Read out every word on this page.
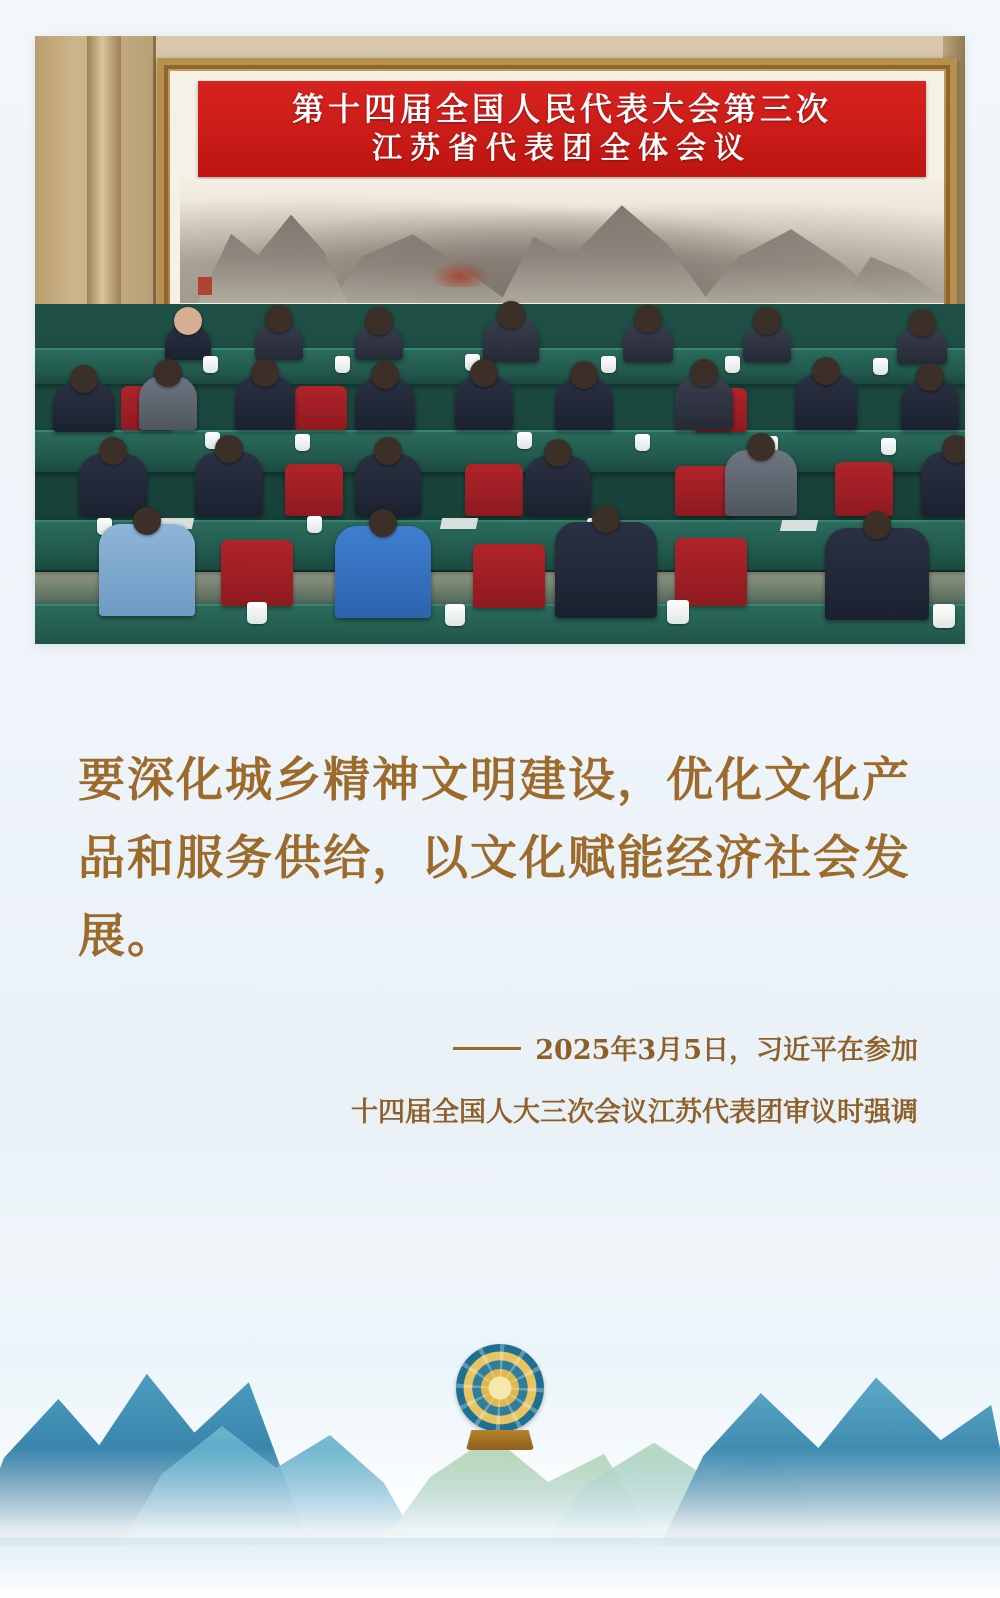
第十四届全国人民代表大会第三次
江苏省代表团全体会议
要深化城乡精神文明建设，优化文化产品和服务供给，以文化赋能经济社会发展。
2025年3月5日，习近平在参加
十四届全国人大三次会议江苏代表团审议时强调
